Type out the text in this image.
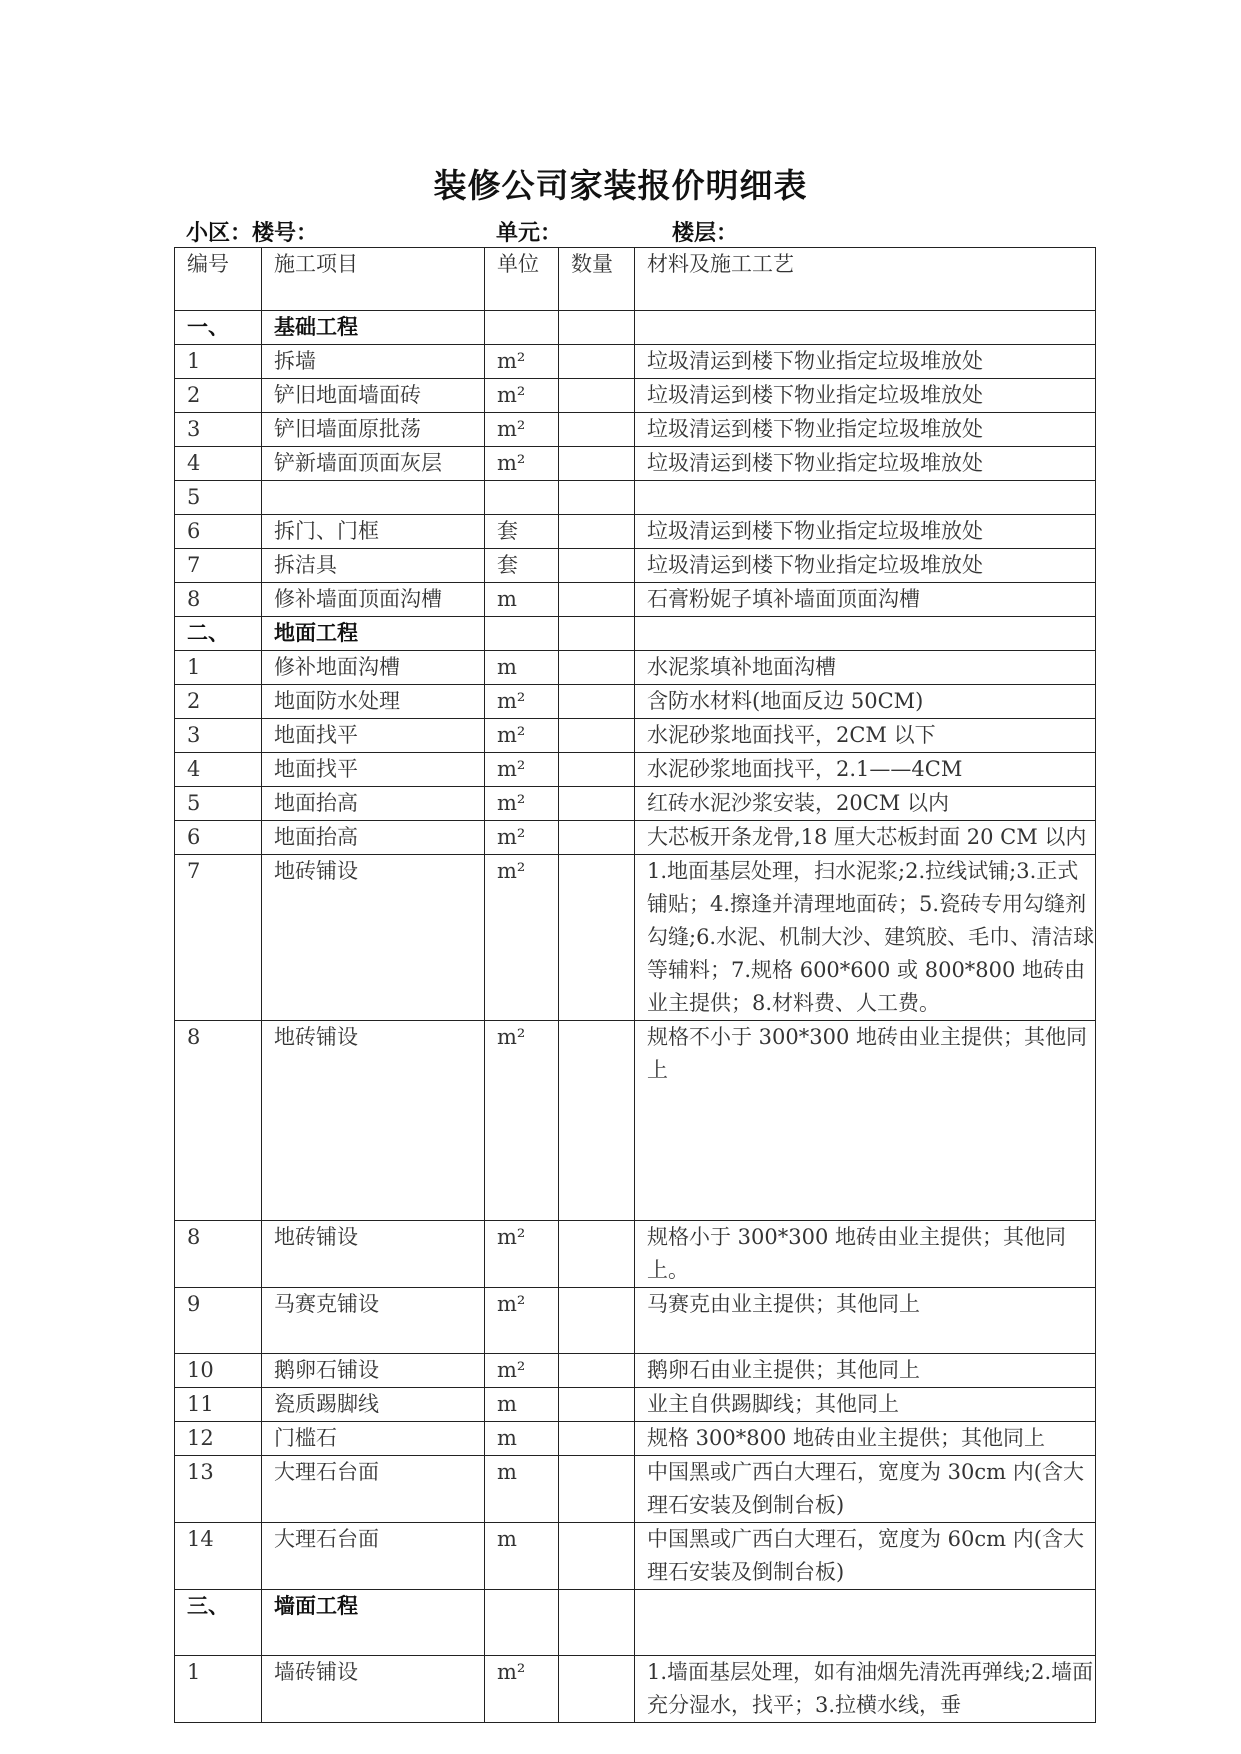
装修公司家装报价明细表
小区：楼号：	单元：	楼层：
编号	施工项目	单位	数量	材料及施工工艺
一、	基础工程			
1	拆墙	m²		垃圾清运到楼下物业指定垃圾堆放处
2	铲旧地面墙面砖	m²		垃圾清运到楼下物业指定垃圾堆放处
3	铲旧墙面原批荡	m²		垃圾清运到楼下物业指定垃圾堆放处
4	铲新墙面顶面灰层	m²		垃圾清运到楼下物业指定垃圾堆放处
5				
6	拆门、门框	套		垃圾清运到楼下物业指定垃圾堆放处
7	拆洁具	套		垃圾清运到楼下物业指定垃圾堆放处
8	修补墙面顶面沟槽	m		石膏粉妮子填补墙面顶面沟槽
二、	地面工程			
1	修补地面沟槽	m		水泥浆填补地面沟槽
2	地面防水处理	m²		含防水材料(地面反边 50CM)
3	地面找平	m²		水泥砂浆地面找平，2CM 以下
4	地面找平	m²		水泥砂浆地面找平，2.1——4CM
5	地面抬高	m²		红砖水泥沙浆安装，20CM 以内
6	地面抬高	m²		大芯板开条龙骨,18 厘大芯板封面 20 CM 以内
7	地砖铺设	m²		1.地面基层处理，扫水泥浆;2.拉线试铺;3.正式铺贴；4.擦逢并清理地面砖；5.瓷砖专用勾缝剂勾缝;6.水泥、机制大沙、建筑胶、毛巾、清洁球等辅料；7.规格 600*600 或 800*800 地砖由业主提供；8.材料费、人工费。
8	地砖铺设	m²		规格不小于 300*300 地砖由业主提供；其他同上
8	地砖铺设	m²		规格小于 300*300 地砖由业主提供；其他同上。
9	马赛克铺设	m²		马赛克由业主提供；其他同上
10	鹅卵石铺设	m²		鹅卵石由业主提供；其他同上
11	瓷质踢脚线	m		业主自供踢脚线；其他同上
12	门槛石	m		规格 300*800 地砖由业主提供；其他同上
13	大理石台面	m		中国黑或广西白大理石，宽度为 30cm 内(含大理石安装及倒制台板)
14	大理石台面	m		中国黑或广西白大理石，宽度为 60cm 内(含大理石安装及倒制台板)
三、	墙面工程			
1	墙砖铺设	m²		1.墙面基层处理，如有油烟先清洗再弹线;2.墙面充分湿水，找平；3.拉横水线，垂
